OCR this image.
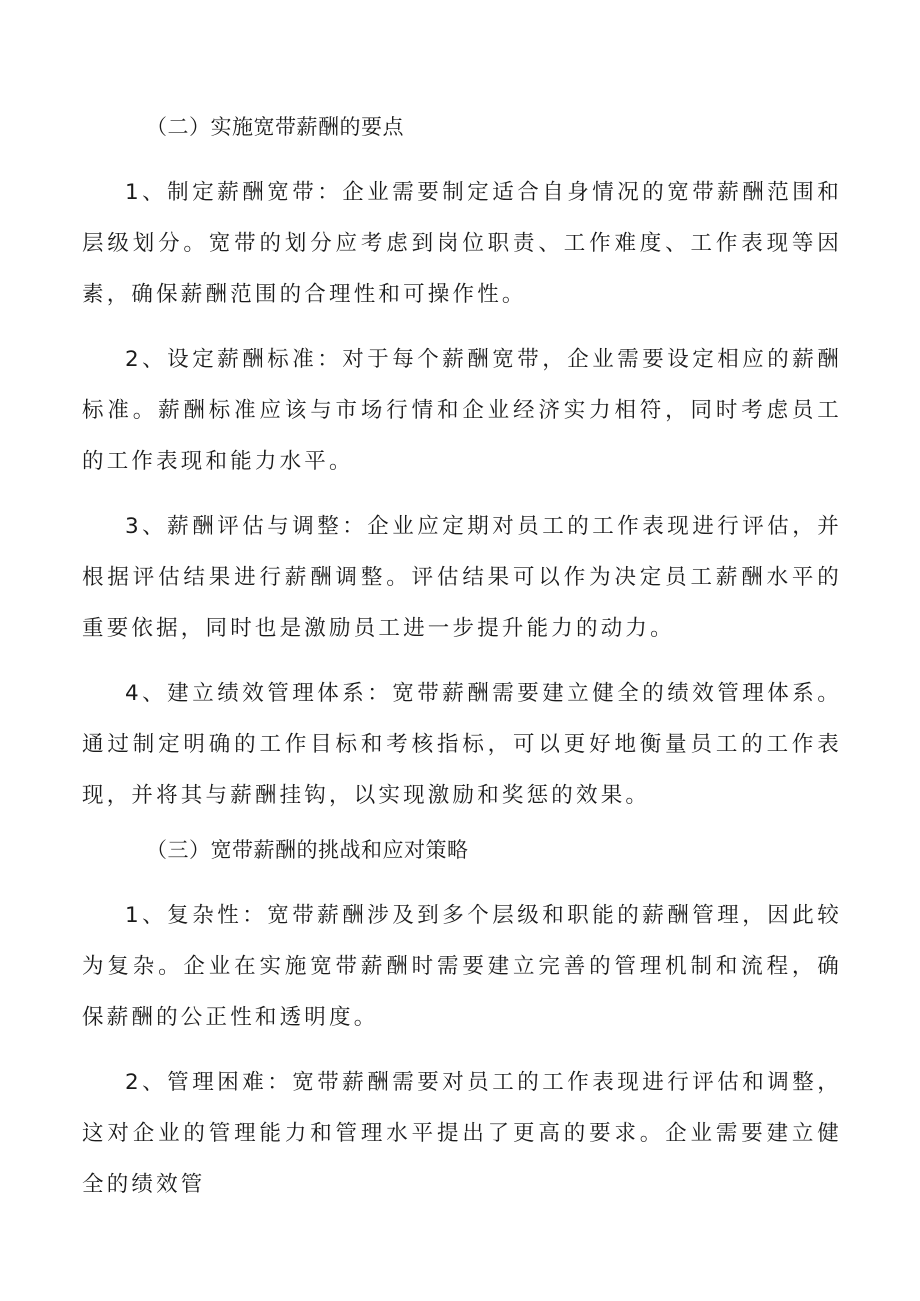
（二）实施宽带薪酬的要点

1、制定薪酬宽带：企业需要制定适合自身情况的宽带薪酬范围和层级划分。宽带的划分应考虑到岗位职责、工作难度、工作表现等因素，确保薪酬范围的合理性和可操作性。

2、设定薪酬标准：对于每个薪酬宽带，企业需要设定相应的薪酬标准。薪酬标准应该与市场行情和企业经济实力相符，同时考虑员工的工作表现和能力水平。

3、薪酬评估与调整：企业应定期对员工的工作表现进行评估，并根据评估结果进行薪酬调整。评估结果可以作为决定员工薪酬水平的重要依据，同时也是激励员工进一步提升能力的动力。

4、建立绩效管理体系：宽带薪酬需要建立健全的绩效管理体系。通过制定明确的工作目标和考核指标，可以更好地衡量员工的工作表现，并将其与薪酬挂钩，以实现激励和奖惩的效果。

（三）宽带薪酬的挑战和应对策略

1、复杂性：宽带薪酬涉及到多个层级和职能的薪酬管理，因此较为复杂。企业在实施宽带薪酬时需要建立完善的管理机制和流程，确保薪酬的公正性和透明度。

2、管理困难：宽带薪酬需要对员工的工作表现进行评估和调整，这对企业的管理能力和管理水平提出了更高的要求。企业需要建立健全的绩效管
